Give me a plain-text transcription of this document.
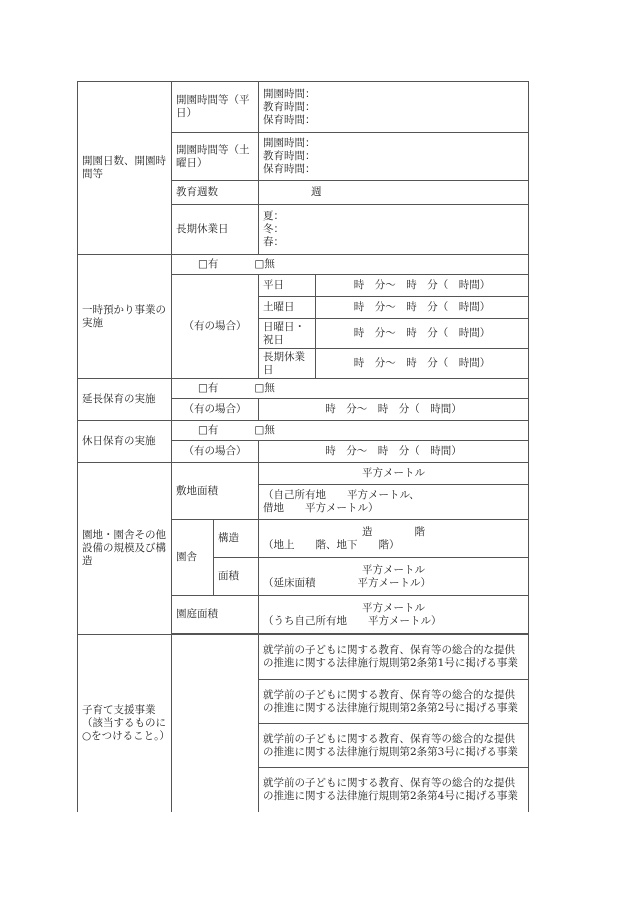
開園日数、開園時間等	開園時間等（平日）		開園時間：
教育時間：
保育時間：	

	開園時間等（土曜日）		開園時間：
教育時間：
保育時間：	

	教育週数		週	
	長期休業日		夏：
冬：
春：	

一時預かり事業の実施	□有 □無			
	（有の場合）		平日	時　分〜　時　分（　時間）
			土曜日	時　分〜　時　分（　時間）
			日曜日・祝日	時　分〜　時　分（　時間）
			長期休業日	時　分〜　時　分（　時間）
延長保育の実施	□有 □無			
	（有の場合）		時　分〜　時　分（　時間）	
休日保育の実施	□有 □無			
	（有の場合）		時　分〜　時　分（　時間）	
園地・園舎その他設備の規模及び構造	敷地面積		平方メートル	

			（自己所有地　　平方メートル、
借地　　平方メートル）	

	園舎	構造	造　　　　階
（地上　　階、地下　　階）	

		面積	平方メートル
（延床面積　　　　平方メートル）	

	園庭面積		平方メートル
（うち自己所有地　　平方メートル）	

子育て支援事業（該当するものに○をつけること。）			就学前の子どもに関する教育、保育等の総合的な提供の推進に関する法律施行規則第2条第1号に掲げる事業	
			就学前の子どもに関する教育、保育等の総合的な提供の推進に関する法律施行規則第2条第2号に掲げる事業	
			就学前の子どもに関する教育、保育等の総合的な提供の推進に関する法律施行規則第2条第3号に掲げる事業	
			就学前の子どもに関する教育、保育等の総合的な提供の推進に関する法律施行規則第2条第4号に掲げる事業	
